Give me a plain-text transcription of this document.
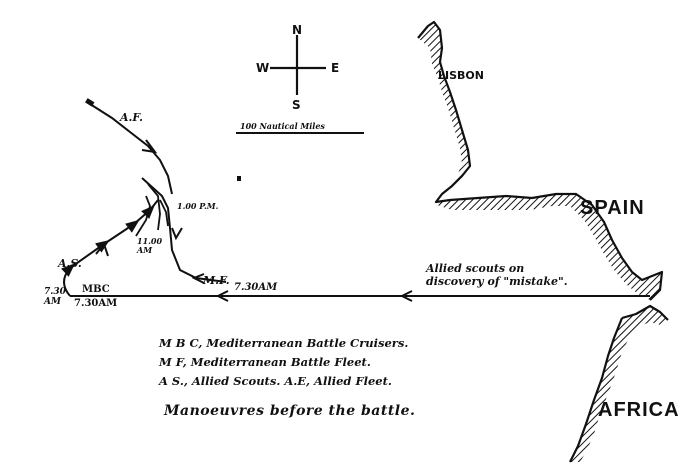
N
S
E
W
100 Nautical Miles
LISBON
SPAIN
AFRICA
A.F.
A.S.
M.F.
MBC
1.00 P.M.
11.00
AM
7.30AM
7.30
AM	7.30AM
Allied scouts on
discovery of "mistake".
M B C, Mediterranean Battle Cruisers.
M F, Mediterranean Battle Fleet.
A S., Allied Scouts. A.E, Allied Fleet.
Manoeuvres before the battle.
